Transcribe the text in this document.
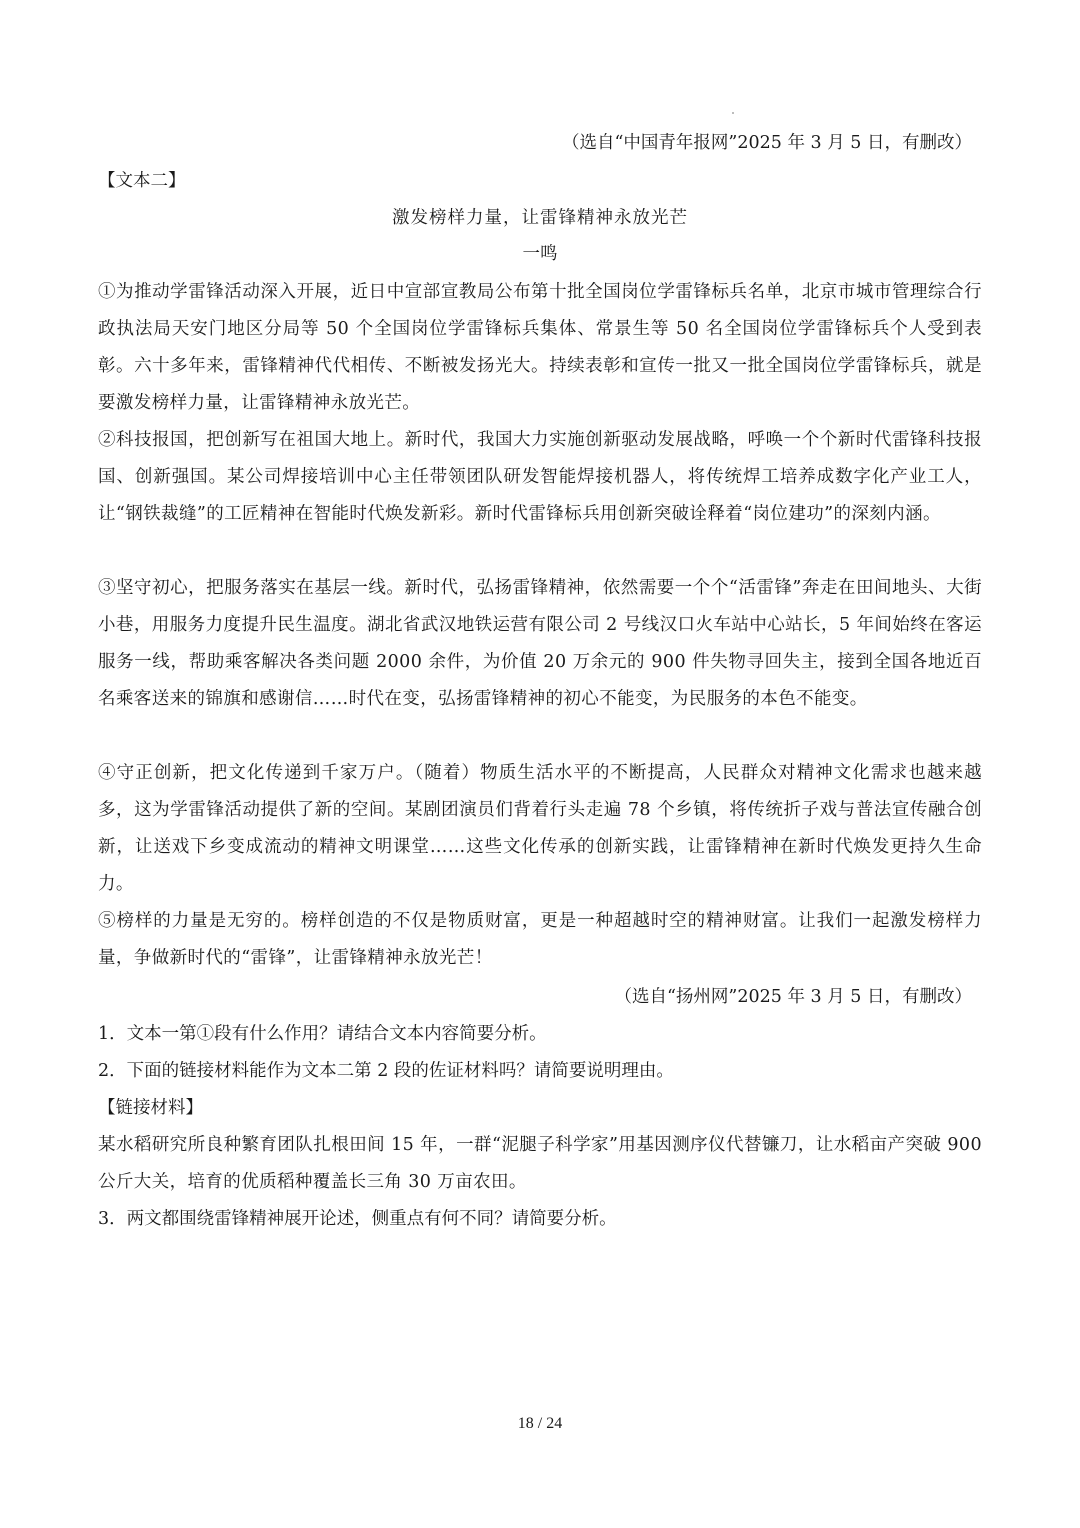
（选自“中国青年报网”2025 年 3 月 5 日，有删改）
【文本二】
激发榜样力量，让雷锋精神永放光芒
一鸣
①为推动学雷锋活动深入开展，近日中宣部宣教局公布第十批全国岗位学雷锋标兵名单，北京市城市管理综合行政执法局天安门地区分局等 50 个全国岗位学雷锋标兵集体、常景生等 50 名全国岗位学雷锋标兵个人受到表彰。六十多年来，雷锋精神代代相传、不断被发扬光大。持续表彰和宣传一批又一批全国岗位学雷锋标兵，就是要激发榜样力量，让雷锋精神永放光芒。
②科技报国，把创新写在祖国大地上。新时代，我国大力实施创新驱动发展战略，呼唤一个个新时代雷锋科技报国、创新强国。某公司焊接培训中心主任带领团队研发智能焊接机器人，将传统焊工培养成数字化产业工人，让“钢铁裁缝”的工匠精神在智能时代焕发新彩。新时代雷锋标兵用创新突破诠释着“岗位建功”的深刻内涵。
③坚守初心，把服务落实在基层一线。新时代，弘扬雷锋精神，依然需要一个个“活雷锋”奔走在田间地头、大街小巷，用服务力度提升民生温度。湖北省武汉地铁运营有限公司 2 号线汉口火车站中心站长，5 年间始终在客运服务一线，帮助乘客解决各类问题 2000 余件，为价值 20 万余元的 900 件失物寻回失主，接到全国各地近百名乘客送来的锦旗和感谢信……时代在变，弘扬雷锋精神的初心不能变，为民服务的本色不能变。
④守正创新，把文化传递到千家万户。（随着）物质生活水平的不断提高，人民群众对精神文化需求也越来越多，这为学雷锋活动提供了新的空间。某剧团演员们背着行头走遍 78 个乡镇，将传统折子戏与普法宣传融合创新，让送戏下乡变成流动的精神文明课堂……这些文化传承的创新实践，让雷锋精神在新时代焕发更持久生命力。
⑤榜样的力量是无穷的。榜样创造的不仅是物质财富，更是一种超越时空的精神财富。让我们一起激发榜样力量，争做新时代的“雷锋”，让雷锋精神永放光芒！
（选自“扬州网”2025 年 3 月 5 日，有删改）
1．文本一第①段有什么作用？请结合文本内容简要分析。
2．下面的链接材料能作为文本二第 2 段的佐证材料吗？请简要说明理由。
【链接材料】
某水稻研究所良种繁育团队扎根田间 15 年，一群“泥腿子科学家”用基因测序仪代替镰刀，让水稻亩产突破 900 公斤大关，培育的优质稻种覆盖长三角 30 万亩农田。
3．两文都围绕雷锋精神展开论述，侧重点有何不同？请简要分析。
18 / 24
